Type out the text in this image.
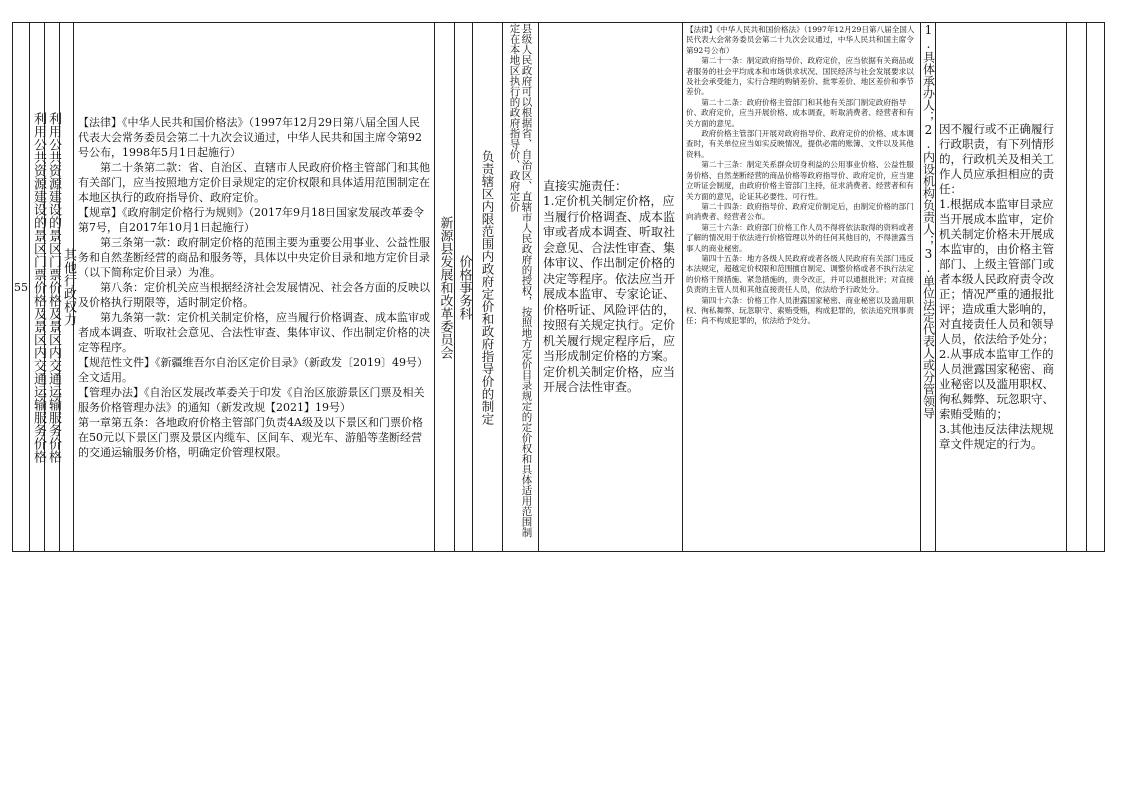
55	利用公共资源建设的景区门票价格及景区内交通运输服务价格	利用公共资源建设的景区门票价格及景区内交通运输服务价格	其他行政权力

【法律】《中华人民共和国价格法》（1997年12月29日第八届全国人民代表大会常务委员会第二十九次会议通过，中华人民共和国主席令第92号公布，1998年5月1日起施行）

第二十条第二款：省、自治区、直辖市人民政府价格主管部门和其他有关部门，应当按照地方定价目录规定的定价权限和具体适用范围制定在本地区执行的政府指导价、政府定价。

【规章】《政府制定价格行为规则》（2017年9月18日国家发展改革委令第7号，自2017年10月1日起施行）

第三条第一款：政府制定价格的范围主要为重要公用事业、公益性服务和自然垄断经营的商品和服务等，具体以中央定价目录和地方定价目录（以下简称定价目录）为准。

第八条：定价机关应当根据经济社会发展情况、社会各方面的反映以及价格执行期限等，适时制定价格。

第九条第一款：定价机关制定价格，应当履行价格调查、成本监审或者成本调查、听取社会意见、合法性审查、集体审议、作出制定价格的决定等程序。

【规范性文件】《新疆维吾尔自治区定价目录》（新政发〔2019〕49号）

全文适用。

【管理办法】《自治区发展改革委关于印发《自治区旅游景区门票及相关服务价格管理办法》的通知（新发改规【2021】19号）

第一章第五条：各地政府价格主管部门负责4A级及以下景区和门票价格在50元以下景区门票及景区内缆车、区间车、观光车、游船等垄断经营的交通运输服务价格，明确定价管理权限。

新源县发展和改革委员会	价格事务科	负责辖区内限范围内政府定价和政府指导价的制定	县级人民政府可以根据省、自治区、直辖市人民政府的授权，按照地方定价目录规定的定价权和具体适用范围制定在本地区执行的政府指导价、政府定价	直接实施责任：
1.定价机关制定价格，应当履行价格调查、成本监审或者成本调查、听取社会意见、合法性审查、集体审议、作出制定价格的决定等程序。依法应当开展成本监审、专家论证、价格听证、风险评估的，按照有关规定执行。定价机关履行规定程序后，应当形成制定价格的方案。定价机关制定价格，应当开展合法性审查。

【法律】《中华人民共和国价格法》（1997年12月29日第八届全国人民代表大会常务委员会第二十九次会议通过，中华人民共和国主席令第92号公布）

第二十一条：制定政府指导价、政府定价，应当依据有关商品或者服务的社会平均成本和市场供求状况、国民经济与社会发展要求以及社会承受能力，实行合理的购销差价、批零差价、地区差价和季节差价。

第二十二条：政府价格主管部门和其他有关部门制定政府指导价、政府定价，应当开展价格、成本调查，听取消费者、经营者和有关方面的意见。

政府价格主管部门开展对政府指导价、政府定价的价格、成本调查时，有关单位应当如实反映情况，提供必需的账簿、文件以及其他资料。

第二十三条：制定关系群众切身利益的公用事业价格、公益性服务价格、自然垄断经营的商品价格等政府指导价、政府定价，应当建立听证会制度，由政府价格主管部门主持，征求消费者、经营者和有关方面的意见，论证其必要性、可行性。

第二十四条：政府指导价、政府定价制定后，由制定价格的部门向消费者、经营者公布。

第三十六条：政府部门价格工作人员不得将依法取得的资料或者了解的情况用于依法进行价格管理以外的任何其他目的，不得泄露当事人的商业秘密。

第四十五条：地方各级人民政府或者各级人民政府有关部门违反本法规定，超越定价权限和范围擅自制定、调整价格或者不执行法定的价格干预措施、紧急措施的，责令改正，并可以通报批评；对直接负责的主管人员和其他直接责任人员，依法给予行政处分。

第四十六条：价格工作人员泄露国家秘密、商业秘密以及滥用职权、徇私舞弊、玩忽职守、索贿受贿，构成犯罪的，依法追究刑事责任；尚不构成犯罪的，依法给予处分。	1.具体承办人；2.内设机构负责人；3.单位法定代表人或分管领导	因不履行或不正确履行行政职责，有下列情形的，行政机关及相关工作人员应承担相应的责任：

1.根据成本监审目录应当开展成本监审，定价机关制定价格未开展成本监审的，由价格主管部门、上级主管部门或者本级人民政府责令改正；情况严重的通报批评；造成重大影响的，对直接责任人员和领导人员，依法给予处分；

2.从事成本监审工作的人员泄露国家秘密、商业秘密以及滥用职权、徇私舞弊、玩忽职守、索贿受贿的；

3.其他违反法律法规规章文件规定的行为。
